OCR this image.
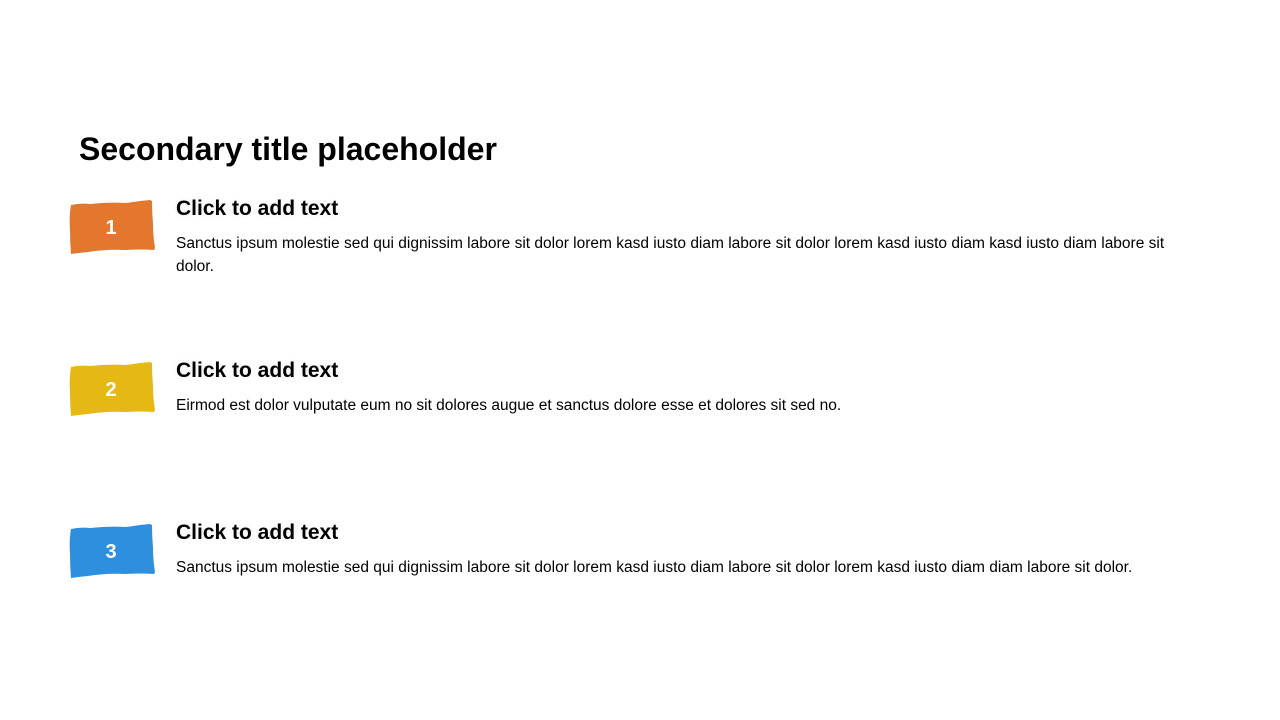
Secondary title placeholder
1
Click to add text

Sanctus ipsum molestie sed qui dignissim labore sit dolor lorem kasd iusto diam labore sit dolor lorem kasd iusto diam kasd iusto diam labore sit dolor.

2
Click to add text

Eirmod est dolor vulputate eum no sit dolores augue et sanctus dolore esse et dolores sit sed no.

3
Click to add text

Sanctus ipsum molestie sed qui dignissim labore sit dolor lorem kasd iusto diam labore sit dolor lorem kasd iusto diam diam labore sit dolor.
